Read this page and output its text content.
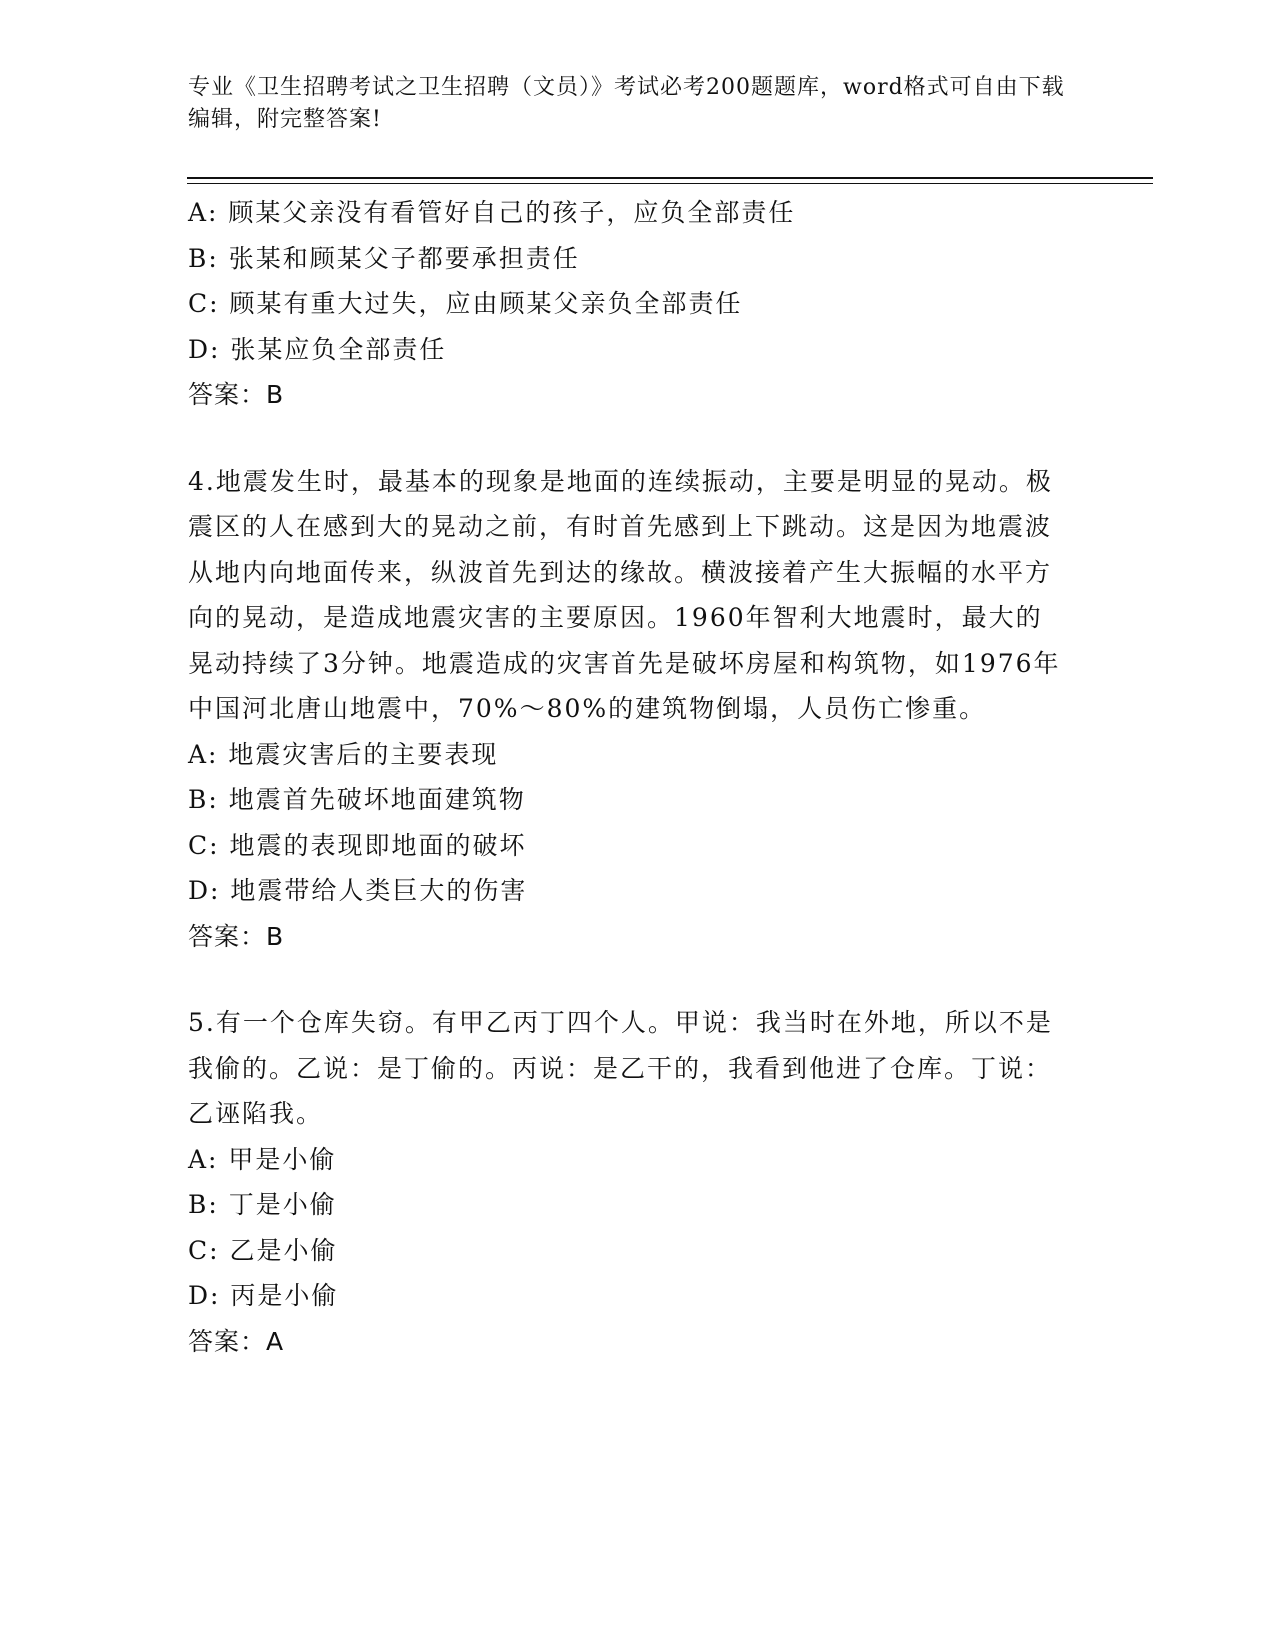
专业《卫生招聘考试之卫生招聘（文员）》考试必考200题题库，word格式可自由下载编辑，附完整答案!
A: 顾某父亲没有看管好自己的孩子，应负全部责任
B: 张某和顾某父子都要承担责任
C: 顾某有重大过失，应由顾某父亲负全部责任
D: 张某应负全部责任
答案：B
4.地震发生时，最基本的现象是地面的连续振动，主要是明显的晃动。极震区的人在感到大的晃动之前，有时首先感到上下跳动。这是因为地震波从地内向地面传来，纵波首先到达的缘故。横波接着产生大振幅的水平方向的晃动，是造成地震灾害的主要原因。1960年智利大地震时，最大的晃动持续了3分钟。地震造成的灾害首先是破坏房屋和构筑物，如1976年中国河北唐山地震中，70%～80%的建筑物倒塌，人员伤亡惨重。
A: 地震灾害后的主要表现
B: 地震首先破坏地面建筑物
C: 地震的表现即地面的破坏
D: 地震带给人类巨大的伤害
答案：B
5.有一个仓库失窃。有甲乙丙丁四个人。甲说：我当时在外地，所以不是我偷的。乙说：是丁偷的。丙说：是乙干的，我看到他进了仓库。丁说：乙诬陷我。
A: 甲是小偷
B: 丁是小偷
C: 乙是小偷
D: 丙是小偷
答案：A
